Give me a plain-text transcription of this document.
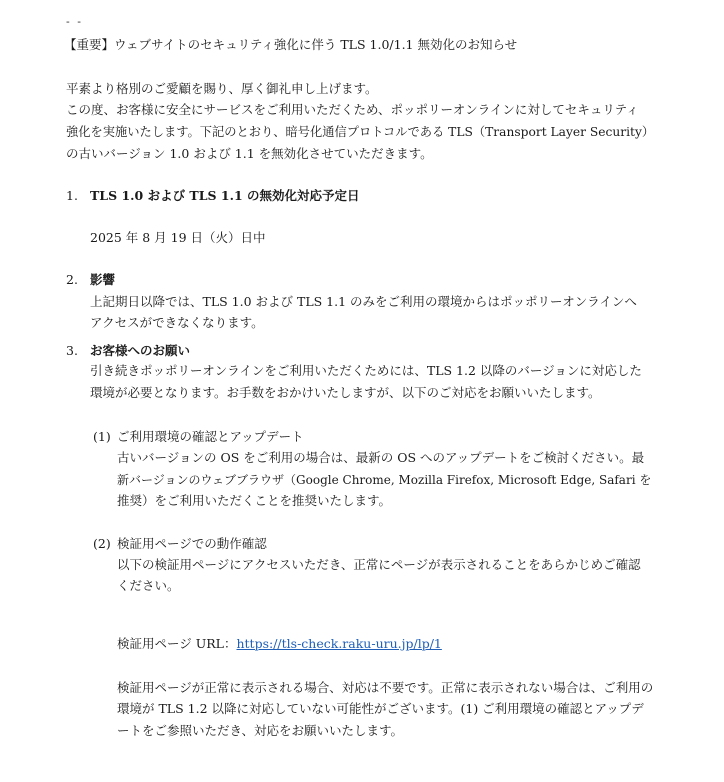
- -
【重要】ウェブサイトのセキュリティ強化に伴う TLS 1.0/1.1 無効化のお知らせ
平素より格別のご愛顧を賜り、厚く御礼申し上げます。
この度、お客様に安全にサービスをご利用いただくため、ポッポリーオンラインに対してセキュリティ
強化を実施いたします。下記のとおり、暗号化通信プロトコルである TLS（Transport Layer Security）
の古いバージョン 1.0 および 1.1 を無効化させていただきます。
1. TLS 1.0 および TLS 1.1 の無効化対応予定日
2025 年 8 月 19 日（火）日中
2. 影響
上記期日以降では、TLS 1.0 および TLS 1.1 のみをご利用の環境からはポッポリーオンラインへ
アクセスができなくなります。
3. お客様へのお願い
引き続きポッポリーオンラインをご利用いただくためには、TLS 1.2 以降のバージョンに対応した
環境が必要となります。お手数をおかけいたしますが、以下のご対応をお願いいたします。
(1) ご利用環境の確認とアップデート
古いバージョンの OS をご利用の場合は、最新の OS へのアップデートをご検討ください。最
新バージョンのウェブブラウザ（Google Chrome, Mozilla Firefox, Microsoft Edge, Safari を
推奨）をご利用いただくことを推奨いたします。
(2) 検証用ページでの動作確認
以下の検証用ページにアクセスいただき、正常にページが表示されることをあらかじめご確認
ください。
検証用ページ URL：https://tls-check.raku-uru.jp/lp/1
検証用ページが正常に表示される場合、対応は不要です。正常に表示されない場合は、ご利用の
環境が TLS 1.2 以降に対応していない可能性がございます。(1) ご利用環境の確認とアップデ
ートをご参照いただき、対応をお願いいたします。
